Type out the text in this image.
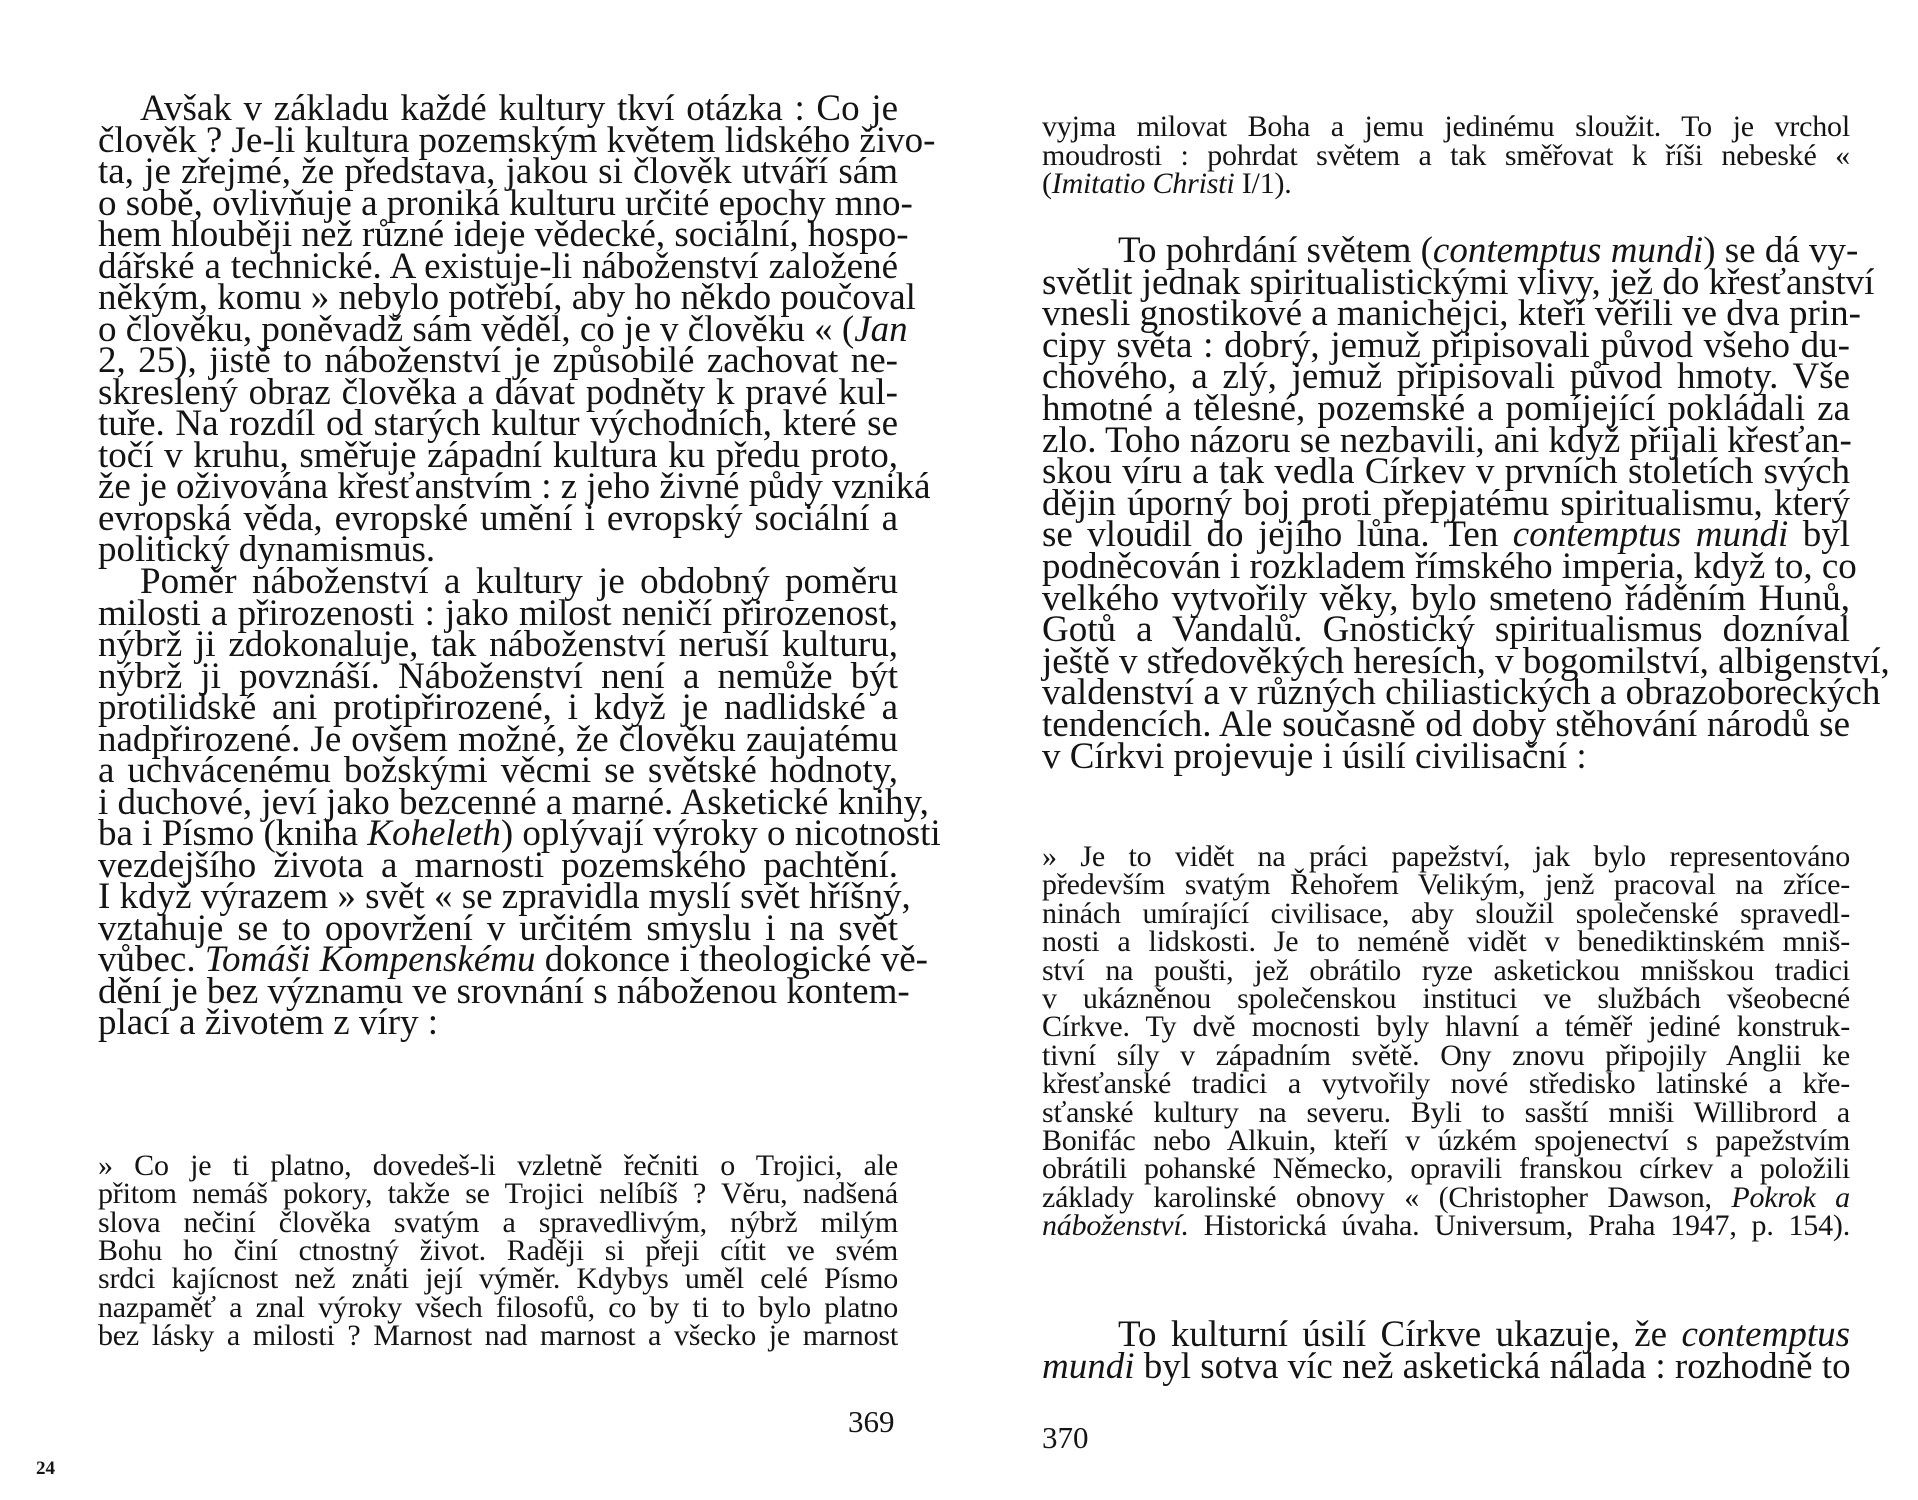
Avšak v základu každé kultury tkví otázka : Co je
člověk ? Je-li kultura pozemským květem lidského živo-
ta, je zřejmé, že představa, jakou si člověk utváří sám
o sobě, ovlivňuje a proniká kulturu určité epochy mno-
hem hlouběji než různé ideje vědecké, sociální, hospo-
dářské a technické. A existuje-li náboženství založené
někým, komu » nebylo potřebí, aby ho někdo poučoval
o člověku, poněvadž sám věděl, co je v člověku « (Jan
2, 25), jistě to náboženství je způsobilé zachovat ne-
skreslený obraz člověka a dávat podněty k pravé kul-
tuře. Na rozdíl od starých kultur východních, které se
točí v kruhu, směřuje západní kultura ku předu proto,
že je oživována křesťanstvím : z jeho živné půdy vzniká
evropská věda, evropské umění i evropský sociální a
politický dynamismus.
Poměr náboženství a kultury je obdobný poměru
milosti a přirozenosti : jako milost neničí přirozenost,
nýbrž ji zdokonaluje, tak náboženství neruší kulturu,
nýbrž ji povznáší. Náboženství není a nemůže být
protilidské ani protipřirozené, i když je nadlidské a
nadpřirozené. Je ovšem možné, že člověku zaujatému
a uchvácenému božskými věcmi se světské hodnoty,
i duchové, jeví jako bezcenné a marné. Asketické knihy,
ba i Písmo (kniha Koheleth) oplývají výroky o nicotnosti
vezdejšího života a marnosti pozemského pachtění.
I když výrazem » svět « se zpravidla myslí svět hříšný,
vztahuje se to opovržení v určitém smyslu i na svět
vůbec. Tomáši Kompenskému dokonce i theologické vě-
dění je bez významu ve srovnání s náboženou kontem-
plací a životem z víry :
» Co je ti platno, dovedeš-li vzletně řečniti o Trojici, ale
přitom nemáš pokory, takže se Trojici nelíbíš ? Věru, nadšená
slova nečiní člověka svatým a spravedlivým, nýbrž milým
Bohu ho činí ctnostný život. Raději si přeji cítit ve svém
srdci kajícnost než znáti její výměr. Kdybys uměl celé Písmo
nazpaměť a znal výroky všech filosofů, co by ti to bylo platno
bez lásky a milosti ? Marnost nad marnost a všecko je marnost
369
24
vyjma milovat Boha a jemu jedinému sloužit. To je vrchol
moudrosti : pohrdat světem a tak směřovat k říši nebeské «
(Imitatio Christi I/1).
To pohrdání světem (contemptus mundi) se dá vy-
světlit jednak spiritualistickými vlivy, jež do křesťanství
vnesli gnostikové a manichejci, kteří věřili ve dva prin-
cipy světa : dobrý, jemuž připisovali původ všeho du-
chového, a zlý, jemuž připisovali původ hmoty. Vše
hmotné a tělesné, pozemské a pomíjející pokládali za
zlo. Toho názoru se nezbavili, ani když přijali křesťan-
skou víru a tak vedla Církev v prvních stoletích svých
dějin úporný boj proti přepjatému spiritualismu, který
se vloudil do jejího lůna. Ten contemptus mundi byl
podněcován i rozkladem římského imperia, když to, co
velkého vytvořily věky, bylo smeteno řáděním Hunů,
Gotů a Vandalů. Gnostický spiritualismus dozníval
ještě v středověkých heresích, v bogomilství, albigenství,
valdenství a v různých chiliastických a obrazoboreckých
tendencích. Ale současně od doby stěhování národů se
v Církvi projevuje i úsilí civilisační :
» Je to vidět na práci papežství, jak bylo representováno
především svatým Řehořem Velikým, jenž pracoval na zříce-
ninách umírající civilisace, aby sloužil společenské spravedl-
nosti a lidskosti. Je to neméně vidět v benediktinském mniš-
ství na poušti, jež obrátilo ryze asketickou mnišskou tradici
v ukázněnou společenskou instituci ve službách všeobecné
Církve. Ty dvě mocnosti byly hlavní a téměř jediné konstruk-
tivní síly v západním světě. Ony znovu připojily Anglii ke
křesťanské tradici a vytvořily nové středisko latinské a kře-
sťanské kultury na severu. Byli to sasští mniši Willibrord a
Bonifác nebo Alkuin, kteří v úzkém spojenectví s papežstvím
obrátili pohanské Německo, opravili franskou církev a položili
základy karolinské obnovy « (Christopher Dawson, Pokrok a
náboženství. Historická úvaha. Universum, Praha 1947, p. 154).
To kulturní úsilí Církve ukazuje, že contemptus
mundi byl sotva víc než asketická nálada : rozhodně to
370
